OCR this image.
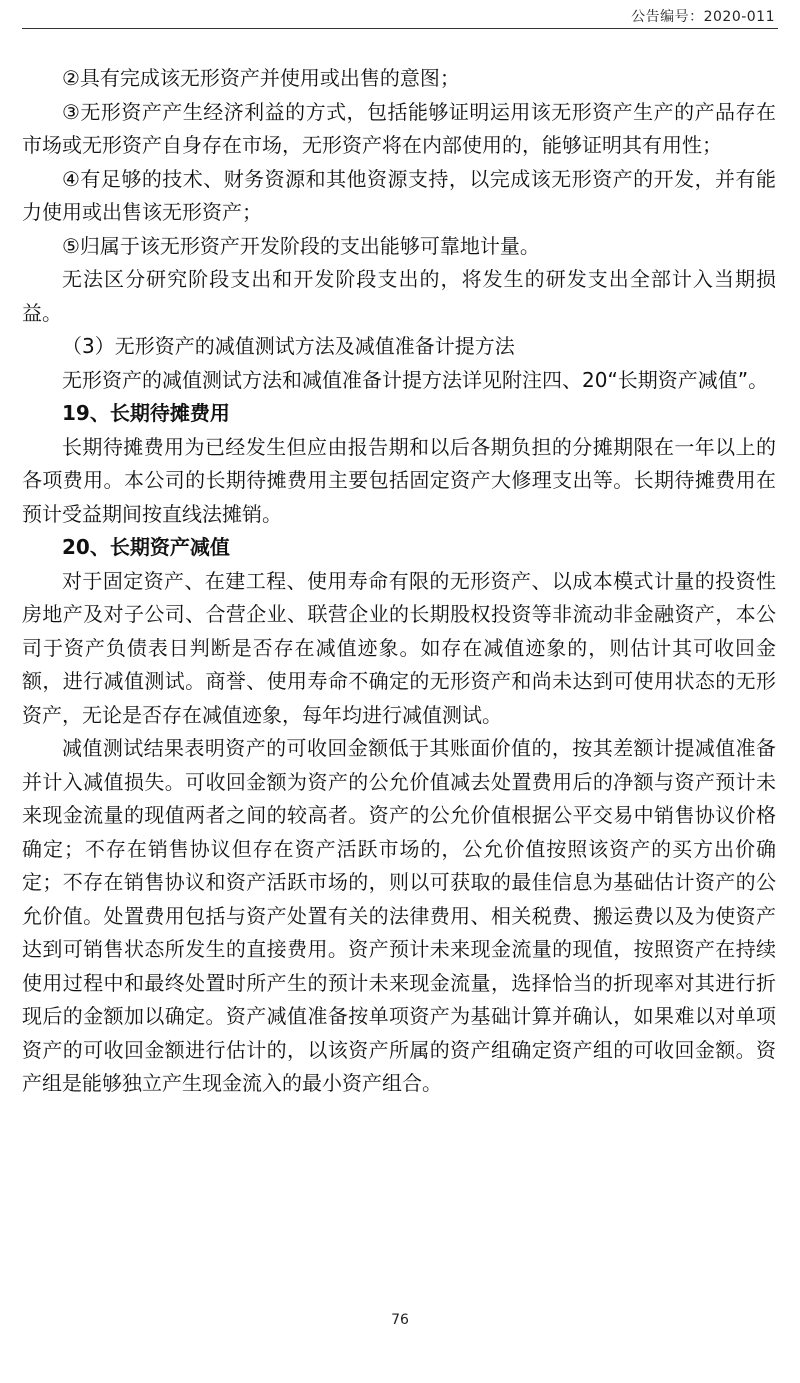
公告编号：2020-011

②具有完成该无形资产并使用或出售的意图；

③无形资产产生经济利益的方式，包括能够证明运用该无形资产生产的产品存在市场或无形资产自身存在市场，无形资产将在内部使用的，能够证明其有用性；

④有足够的技术、财务资源和其他资源支持，以完成该无形资产的开发，并有能力使用或出售该无形资产；

⑤归属于该无形资产开发阶段的支出能够可靠地计量。

无法区分研究阶段支出和开发阶段支出的，将发生的研发支出全部计入当期损益。

（3）无形资产的减值测试方法及减值准备计提方法

无形资产的减值测试方法和减值准备计提方法详见附注四、20“长期资产减值”。

19、长期待摊费用

长期待摊费用为已经发生但应由报告期和以后各期负担的分摊期限在一年以上的各项费用。本公司的长期待摊费用主要包括固定资产大修理支出等。长期待摊费用在预计受益期间按直线法摊销。

20、长期资产减值

对于固定资产、在建工程、使用寿命有限的无形资产、以成本模式计量的投资性房地产及对子公司、合营企业、联营企业的长期股权投资等非流动非金融资产，本公司于资产负债表日判断是否存在减值迹象。如存在减值迹象的，则估计其可收回金额，进行减值测试。商誉、使用寿命不确定的无形资产和尚未达到可使用状态的无形资产，无论是否存在减值迹象，每年均进行减值测试。

减值测试结果表明资产的可收回金额低于其账面价值的，按其差额计提减值准备并计入减值损失。可收回金额为资产的公允价值减去处置费用后的净额与资产预计未来现金流量的现值两者之间的较高者。资产的公允价值根据公平交易中销售协议价格确定；不存在销售协议但存在资产活跃市场的，公允价值按照该资产的买方出价确定；不存在销售协议和资产活跃市场的，则以可获取的最佳信息为基础估计资产的公允价值。处置费用包括与资产处置有关的法律费用、相关税费、搬运费以及为使资产达到可销售状态所发生的直接费用。资产预计未来现金流量的现值，按照资产在持续使用过程中和最终处置时所产生的预计未来现金流量，选择恰当的折现率对其进行折现后的金额加以确定。资产减值准备按单项资产为基础计算并确认，如果难以对单项资产的可收回金额进行估计的，以该资产所属的资产组确定资产组的可收回金额。资产组是能够独立产生现金流入的最小资产组合。

76
